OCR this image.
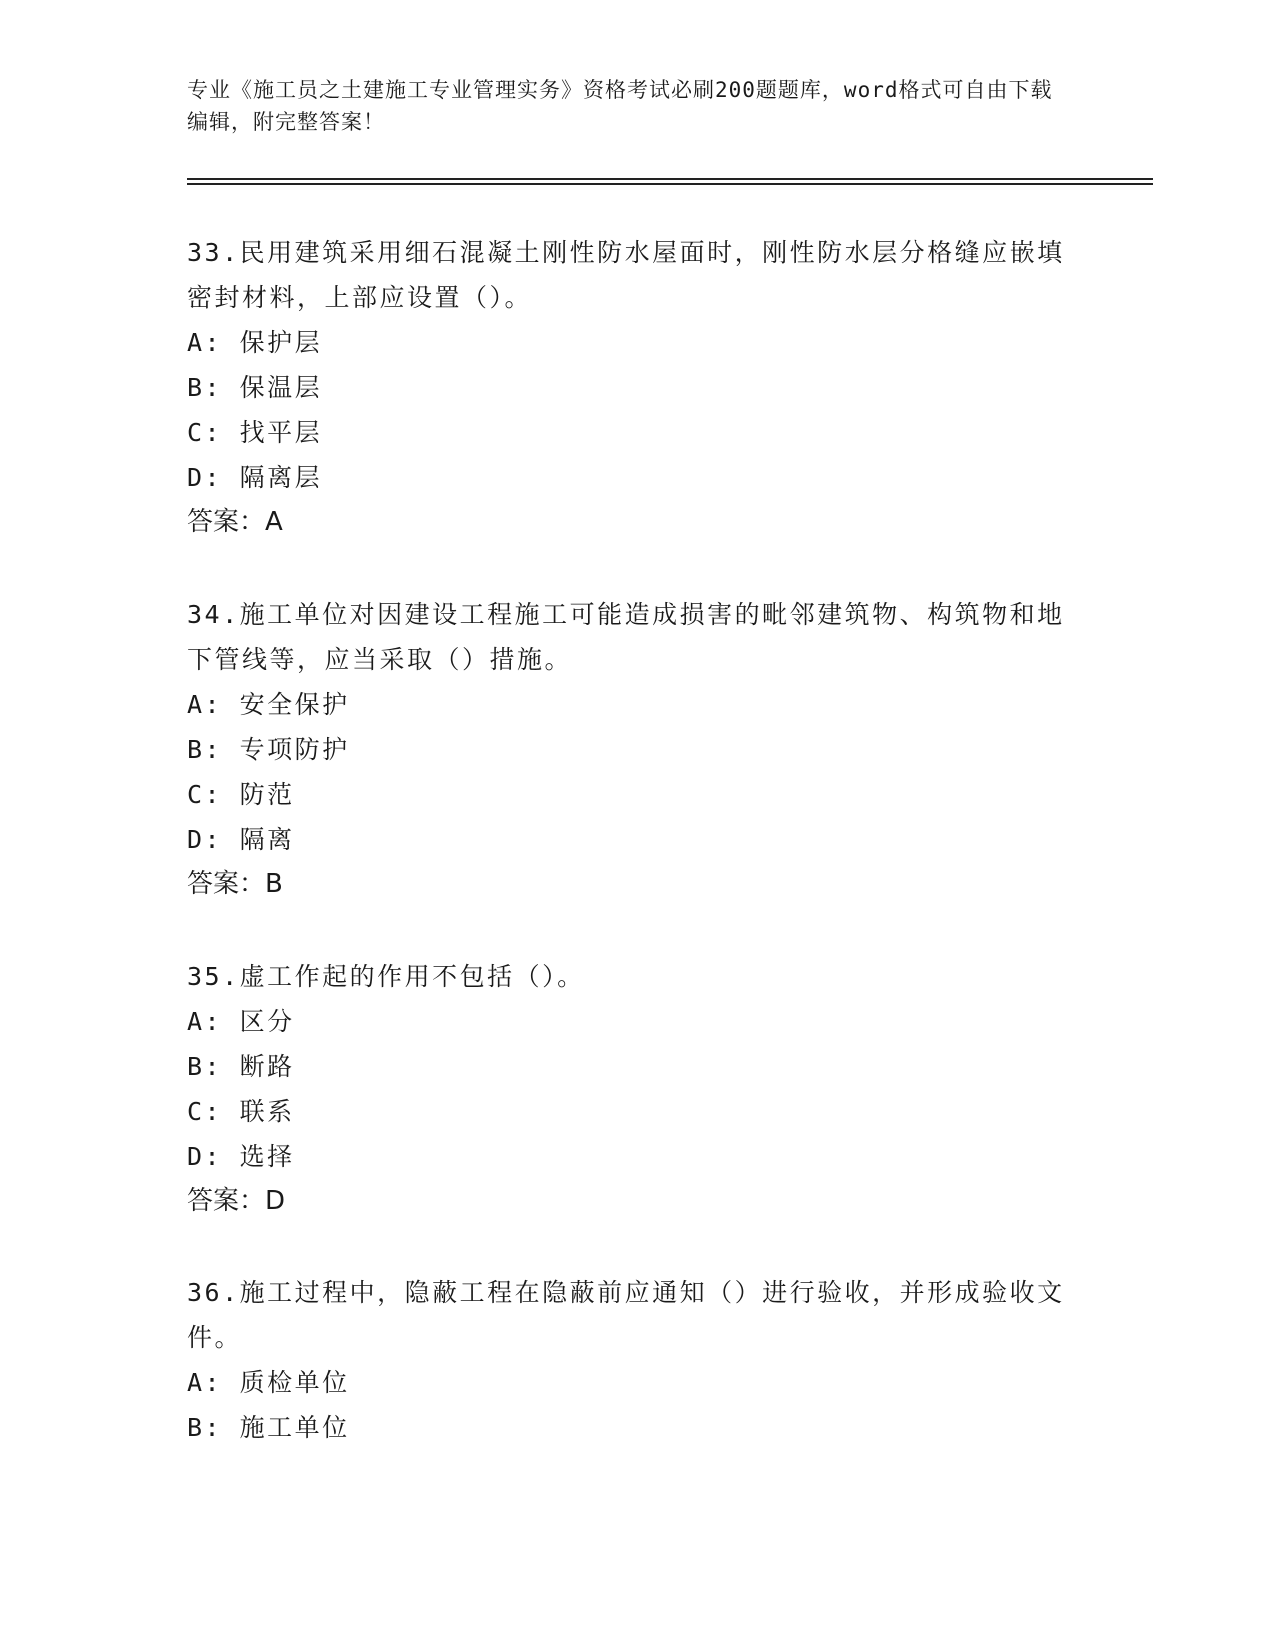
专业《施工员之土建施工专业管理实务》资格考试必刷200题题库，word格式可自由下载编辑，附完整答案！

33.民用建筑采用细石混凝土刚性防水屋面时，刚性防水层分格缝应嵌填密封材料，上部应设置（）。

A: 保护层

B: 保温层

C: 找平层

D: 隔离层

答案：A

34.施工单位对因建设工程施工可能造成损害的毗邻建筑物、构筑物和地下管线等，应当采取（）措施。

A: 安全保护

B: 专项防护

C: 防范

D: 隔离

答案：B

35.虚工作起的作用不包括（）。

A: 区分

B: 断路

C: 联系

D: 选择

答案：D

36.施工过程中，隐蔽工程在隐蔽前应通知（）进行验收，并形成验收文件。

A: 质检单位

B: 施工单位
